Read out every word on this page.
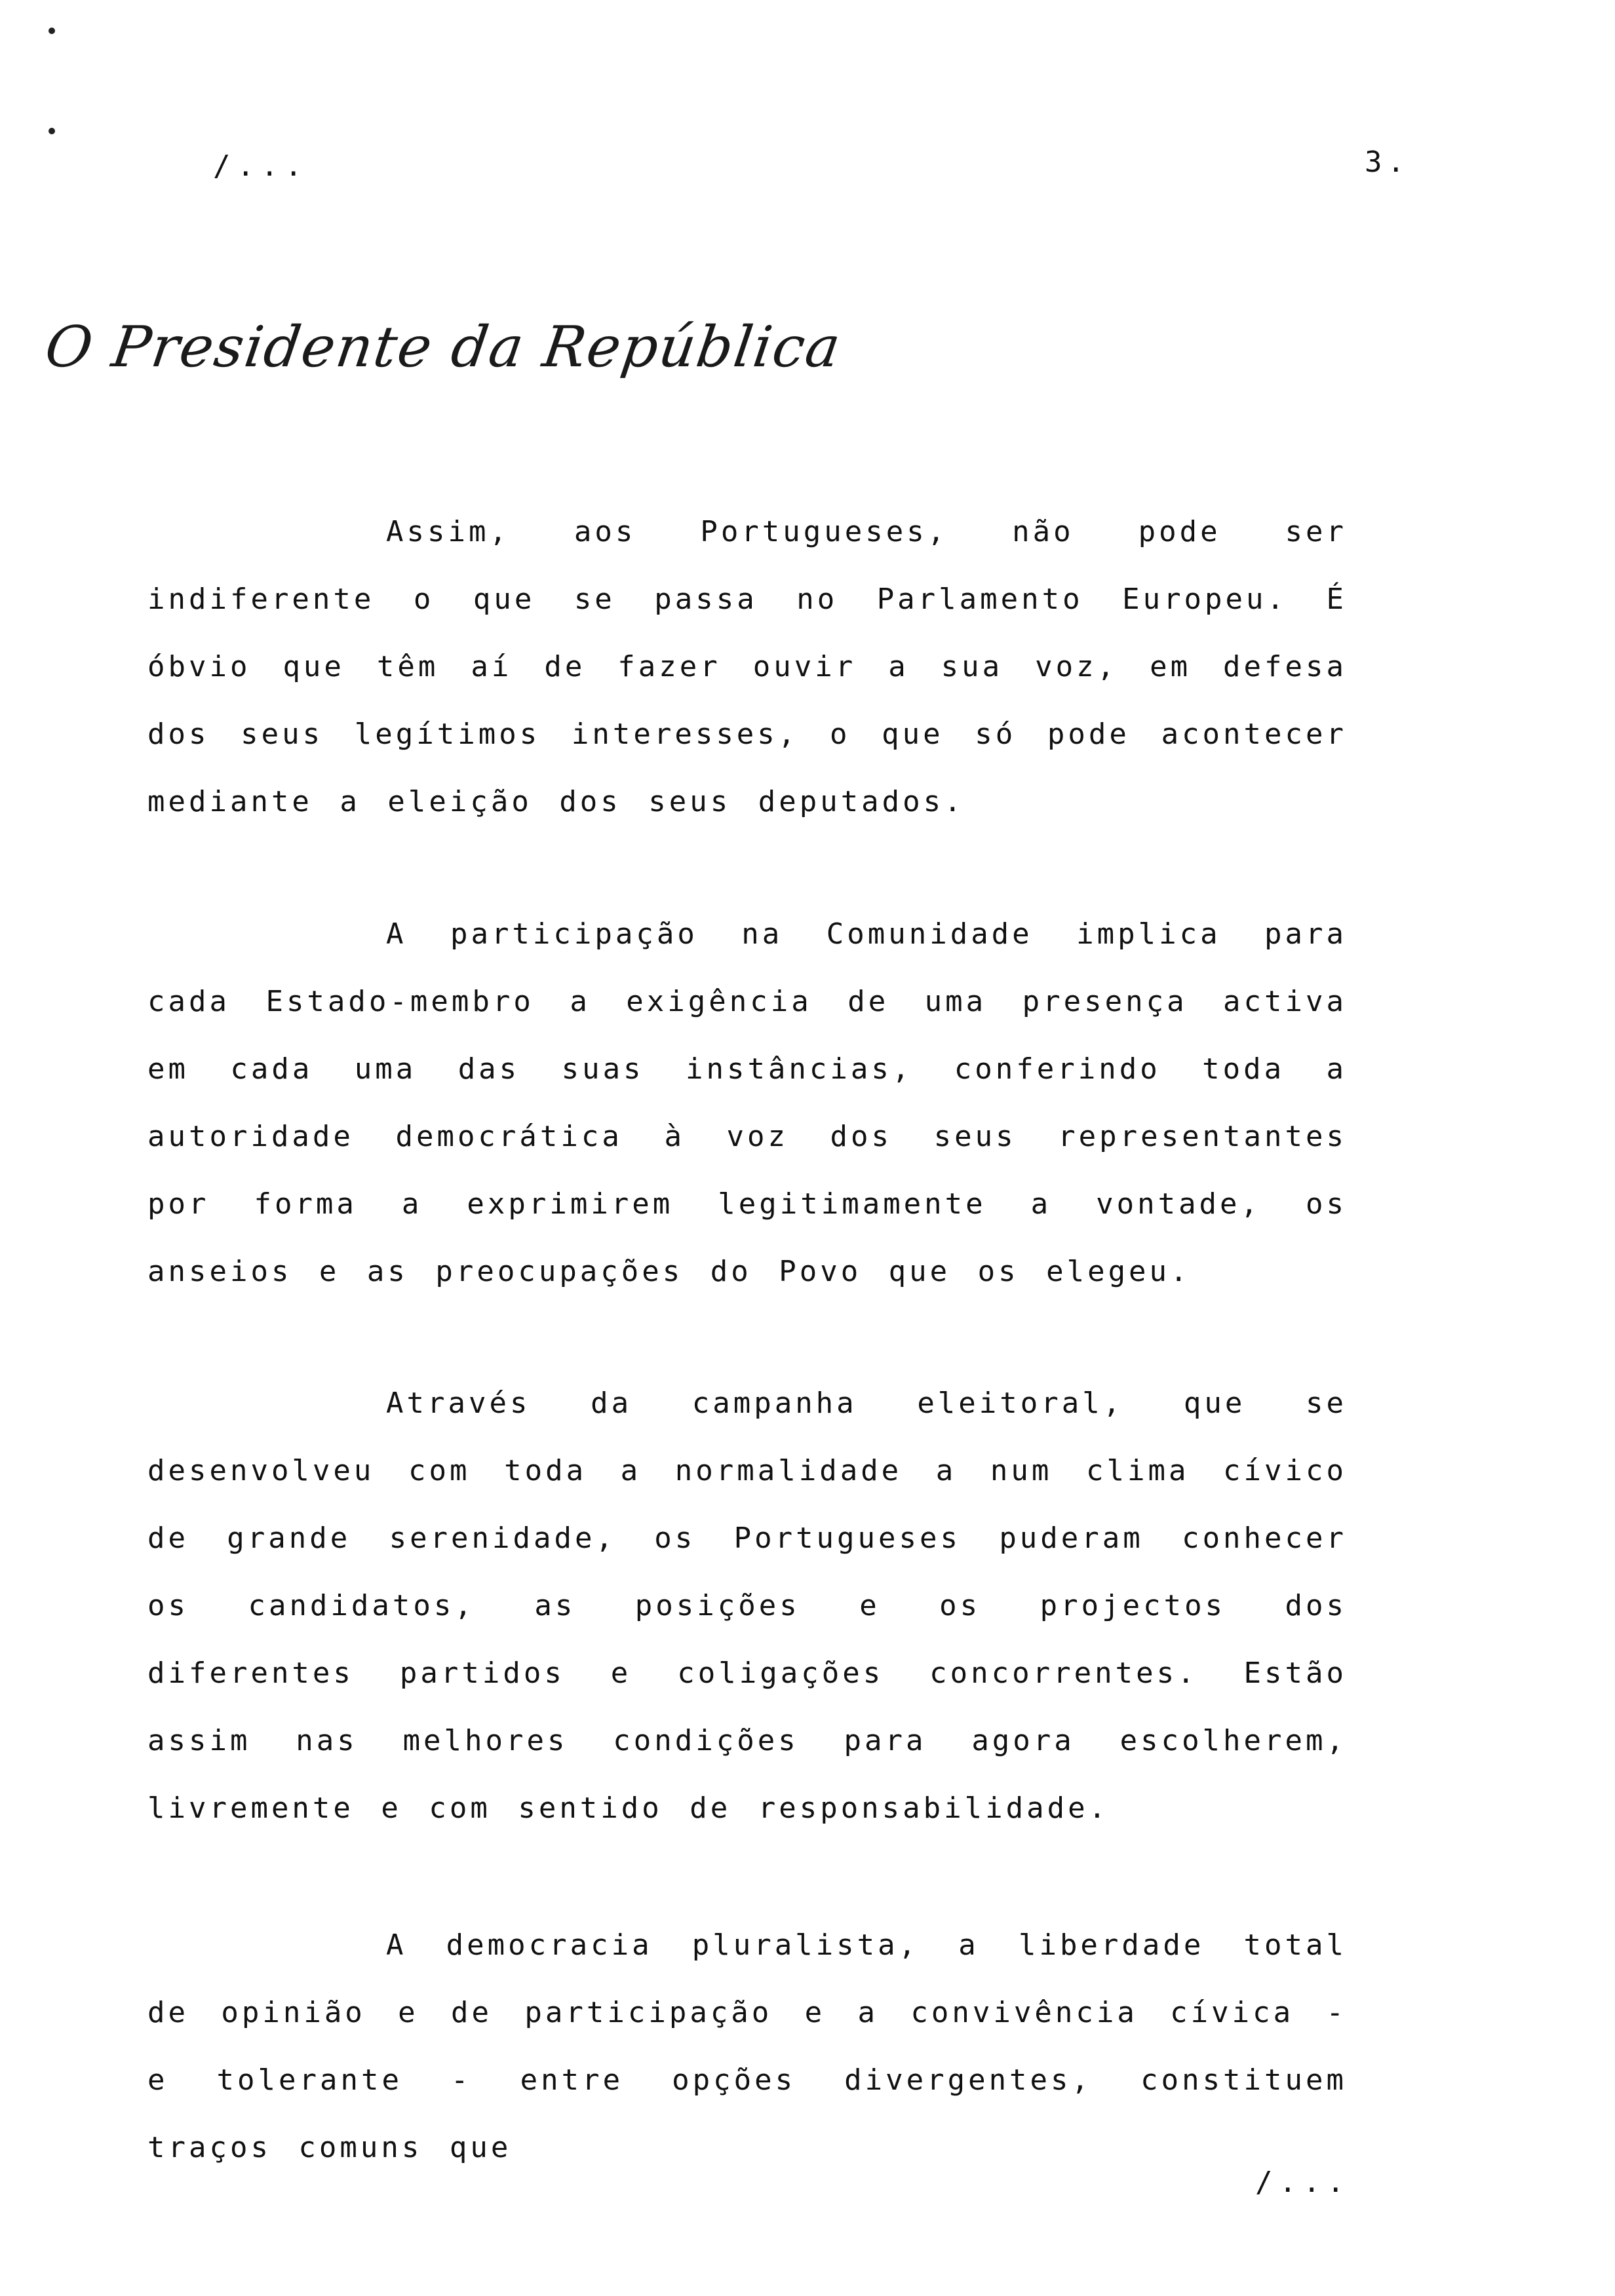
/...	3.
O Presidente da República

Assim, aos Portugueses, não pode ser indiferente o que se passa no Parlamento Europeu. É óbvio que têm aí de fazer ouvir a sua voz, em defesa dos seus legítimos interesses, o que só pode acontecer mediante a eleição dos seus deputados.

A participação na Comunidade implica para cada Estado-membro a exigência de uma presença activa em cada uma das suas instâncias, conferindo toda a autoridade democrática à voz dos seus representantes por forma a exprimirem legitimamente a vontade, os anseios e as preocupações do Povo que os elegeu.

Através da campanha eleitoral, que se desenvolveu com toda a normalidade a num clima cívico de grande serenidade, os Portugueses puderam conhecer os candidatos, as posições e os projectos dos diferentes partidos e coligações concorrentes. Estão assim nas melhores condições para agora escolherem, livremente e com sentido de responsabilidade.

A democracia pluralista, a liberdade total de opinião e de participação e a convivência cívica - e tolerante - entre opções divergentes, constituem traços comuns que

/...
